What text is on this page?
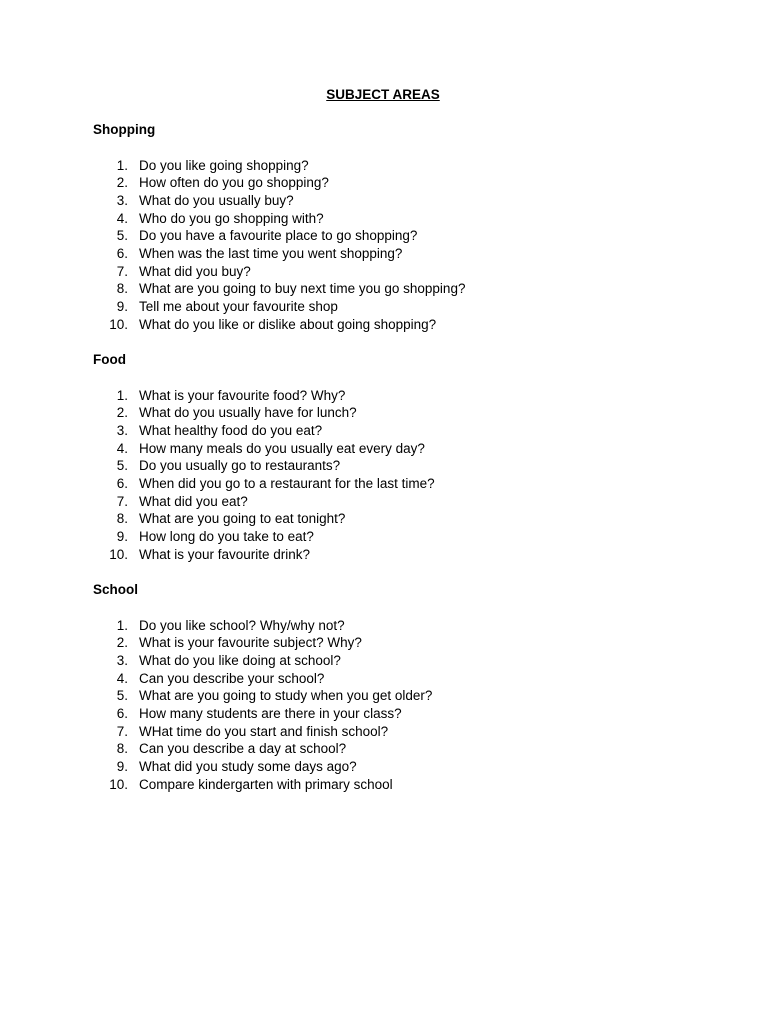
SUBJECT AREAS
Shopping
1. Do you like going shopping?
2. How often do you go shopping?
3. What do you usually buy?
4. Who do you go shopping with?
5. Do you have a favourite place to go shopping?
6. When was the last time you went shopping?
7. What did you buy?
8. What are you going to buy next time you go shopping?
9. Tell me about your favourite shop
10. What do you like or dislike about going shopping?
Food
1. What is your favourite food? Why?
2. What do you usually have for lunch?
3. What healthy food do you eat?
4. How many meals do you usually eat every day?
5. Do you usually go to restaurants?
6. When did you go to a restaurant for the last time?
7. What did you eat?
8. What are you going to eat tonight?
9. How long do you take to eat?
10. What is your favourite drink?
School
1. Do you like school? Why/why not?
2. What is your favourite subject? Why?
3. What do you like doing at school?
4. Can you describe your school?
5. What are you going to study when you get older?
6. How many students are there in your class?
7. WHat time do you start and finish school?
8. Can you describe a day at school?
9. What did you study some days ago?
10. Compare kindergarten with primary school
